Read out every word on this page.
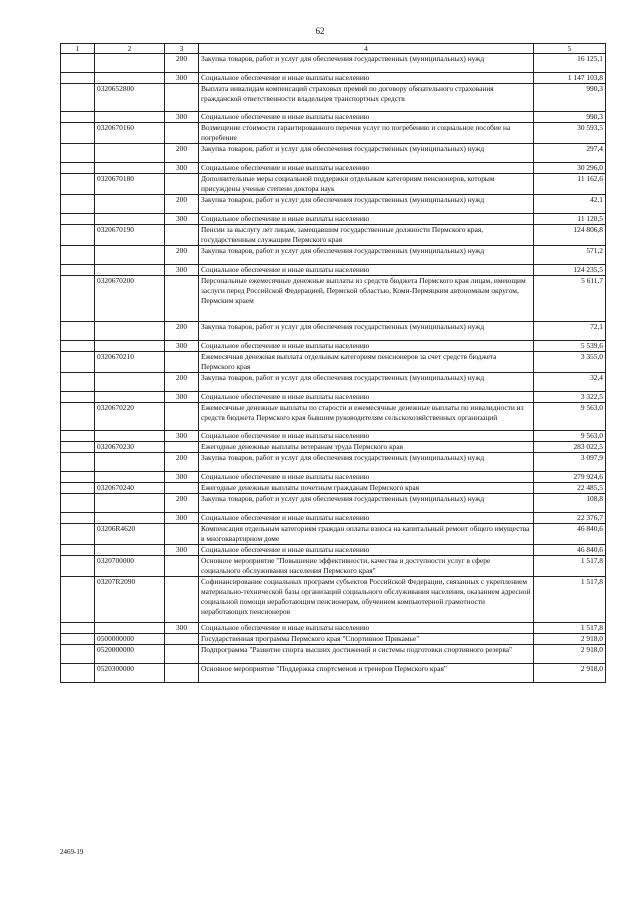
62
1	2	3	4	5
		200	Закупка товаров, работ и услуг для обеспечения государственных (муниципальных) нужд	16 125,1
		300	Социальное обеспечение и иные выплаты населению	1 147 103,8
	0320652800		Выплата инвалидам компенсаций страховых премий по договору обязательного страхования гражданской ответственности владельцев транспортных средств	990,3
		300	Социальное обеспечение и иные выплаты населению	990,3
	0320670160		Возмещение стоимости гарантированного перечня услуг по погребению и социальное пособие на погребение	30 593,5
		200	Закупка товаров, работ и услуг для обеспечения государственных (муниципальных) нужд	297,4
		300	Социальное обеспечение и иные выплаты населению	30 296,0
	0320670180		Дополнительные меры социальной поддержки отдельным категориям пенсионеров, которым присуждены ученые степени доктора наук	11 162,6
		200	Закупка товаров, работ и услуг для обеспечения государственных (муниципальных) нужд	42,1
		300	Социальное обеспечение и иные выплаты населению	11 120,5
	0320670190		Пенсии за выслугу лет лицам, замещавшим государственные должности Пермского края, государственным служащим Пермского края	124 806,8
		200	Закупка товаров, работ и услуг для обеспечения государственных (муниципальных) нужд	571,2
		300	Социальное обеспечение и иные выплаты населению	124 235,5
	0320670200		Персональные ежемесячные денежные выплаты из средств бюджета Пермского края лицам, имеющим заслуги перед Российской Федерацией, Пермской областью, Коми-Пермяцким автономным округом, Пермским краем	5 611,7
		200	Закупка товаров, работ и услуг для обеспечения государственных (муниципальных) нужд	72,1
		300	Социальное обеспечение и иные выплаты населению	5 539,6
	0320670210		Ежемесячная денежная выплата отдельным категориям пенсионеров за счет средств бюджета Пермского края	3 355,0
		200	Закупка товаров, работ и услуг для обеспечения государственных (муниципальных) нужд	32,4
		300	Социальное обеспечение и иные выплаты населению	3 322,5
	0320670220		Ежемесячные денежные выплаты по старости и ежемесячные денежные выплаты по инвалидности из средств бюджета Пермского края бывшим руководителям сельскохозяйственных организаций	9 563,0
		300	Социальное обеспечение и иные выплаты населению	9 563,0
	0320670230		Ежегодные денежные выплаты ветеранам труда Пермского края	283 022,5
		200	Закупка товаров, работ и услуг для обеспечения государственных (муниципальных) нужд	3 097,9
		300	Социальное обеспечение и иные выплаты населению	279 924,6
	0320670240		Ежегодные денежные выплаты почетным гражданам Пермского края	22 485,5
		200	Закупка товаров, работ и услуг для обеспечения государственных (муниципальных) нужд	108,8
		300	Социальное обеспечение и иные выплаты населению	22 376,7
	03206R4620		Компенсация отдельным категориям граждан оплаты взноса на капитальный ремонт общего имущества в многоквартирном доме	46 840,6
		300	Социальное обеспечение и иные выплаты населению	46 840,6
	0320700000		Основное мероприятие "Повышение эффективности, качества и доступности услуг в сфере социального обслуживания населения Пермского края"	1 517,8
	03207R2090		Софинансирование социальных программ субъектов Российской Федерации, связанных с укреплением материально-технической базы организаций социального обслуживания населения, оказанием адресной социальной помощи неработающим пенсионерам, обучением компьютерной грамотности неработающих пенсионеров	1 517,8
		300	Социальное обеспечение и иные выплаты населению	1 517,8
	0500000000		Государственная программа Пермского края "Спортивное Прикамье"	2 918,0
	0520000000		Подпрограмма "Развитие спорта высших достижений и системы подготовки спортивного резерва"	2 918,0
	0520300000		Основное мероприятие "Поддержка спортсменов и тренеров Пермского края"	2 918,0
2469-19
